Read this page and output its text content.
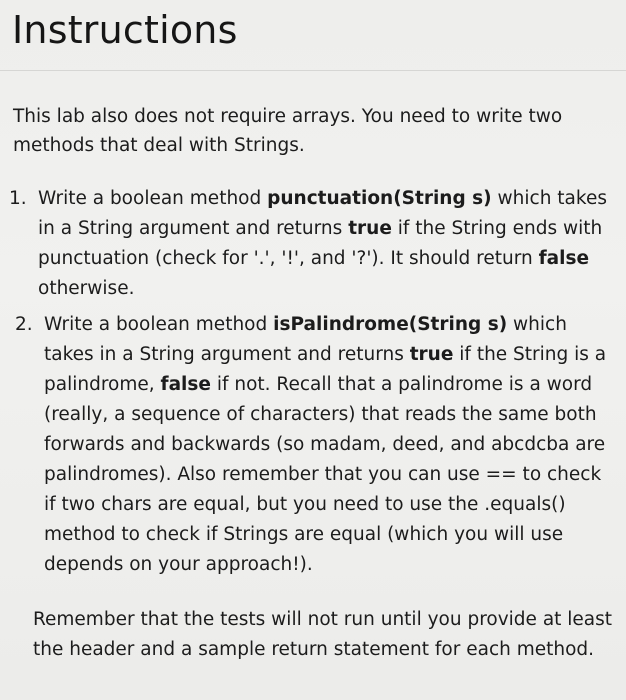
Instructions

This lab also does not require arrays. You need to write two methods that deal with Strings.

1. Write a boolean method punctuation(String s) which takes in a String argument and returns true if the String ends with punctuation (check for '.', '!', and '?'). It should return false otherwise.
2. Write a boolean method isPalindrome(String s) which takes in a String argument and returns true if the String is a palindrome, false if not. Recall that a palindrome is a word (really, a sequence of characters) that reads the same both forwards and backwards (so madam, deed, and abcdcba are palindromes). Also remember that you can use == to check if two chars are equal, but you need to use the .equals() method to check if Strings are equal (which you will use depends on your approach!).

Remember that the tests will not run until you provide at least the header and a sample return statement for each method.
